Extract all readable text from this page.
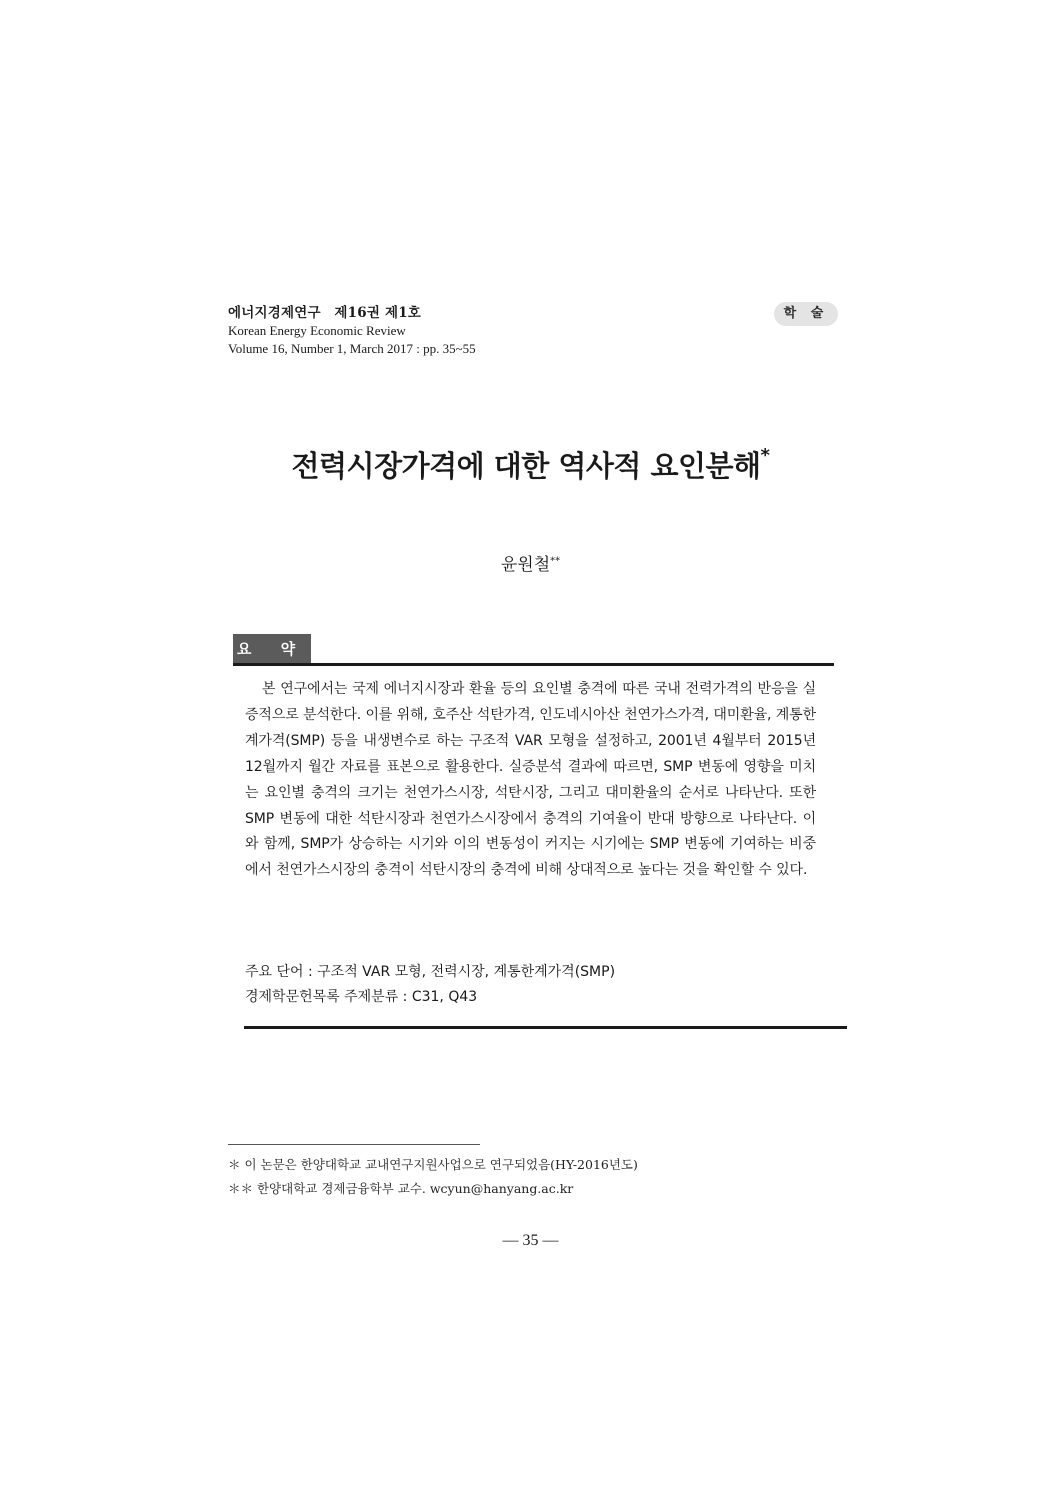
에너지경제연구　제16권 제1호
Korean Energy Economic Review
Volume 16, Number 1, March 2017 : pp. 35~55
학 술
전력시장가격에 대한 역사적 요인분해*
윤원철**
요 약
본 연구에서는 국제 에너지시장과 환율 등의 요인별 충격에 따른 국내 전력가격의 반응을 실증적으로 분석한다. 이를 위해, 호주산 석탄가격, 인도네시아산 천연가스가격, 대미환율, 계통한계가격(SMP) 등을 내생변수로 하는 구조적 VAR 모형을 설정하고, 2001년 4월부터 2015년 12월까지 월간 자료를 표본으로 활용한다. 실증분석 결과에 따르면, SMP 변동에 영향을 미치는 요인별 충격의 크기는 천연가스시장, 석탄시장, 그리고 대미환율의 순서로 나타난다. 또한 SMP 변동에 대한 석탄시장과 천연가스시장에서 충격의 기여율이 반대 방향으로 나타난다. 이와 함께, SMP가 상승하는 시기와 이의 변동성이 커지는 시기에는 SMP 변동에 기여하는 비중에서 천연가스시장의 충격이 석탄시장의 충격에 비해 상대적으로 높다는 것을 확인할 수 있다.
주요 단어 : 구조적 VAR 모형, 전력시장, 계통한계가격(SMP)
경제학문헌목록 주제분류 : C31, Q43
＊ 이 논문은 한양대학교 교내연구지원사업으로 연구되었음(HY-2016년도)
＊＊ 한양대학교 경제금융학부 교수. wcyun@hanyang.ac.kr
— 35 —
